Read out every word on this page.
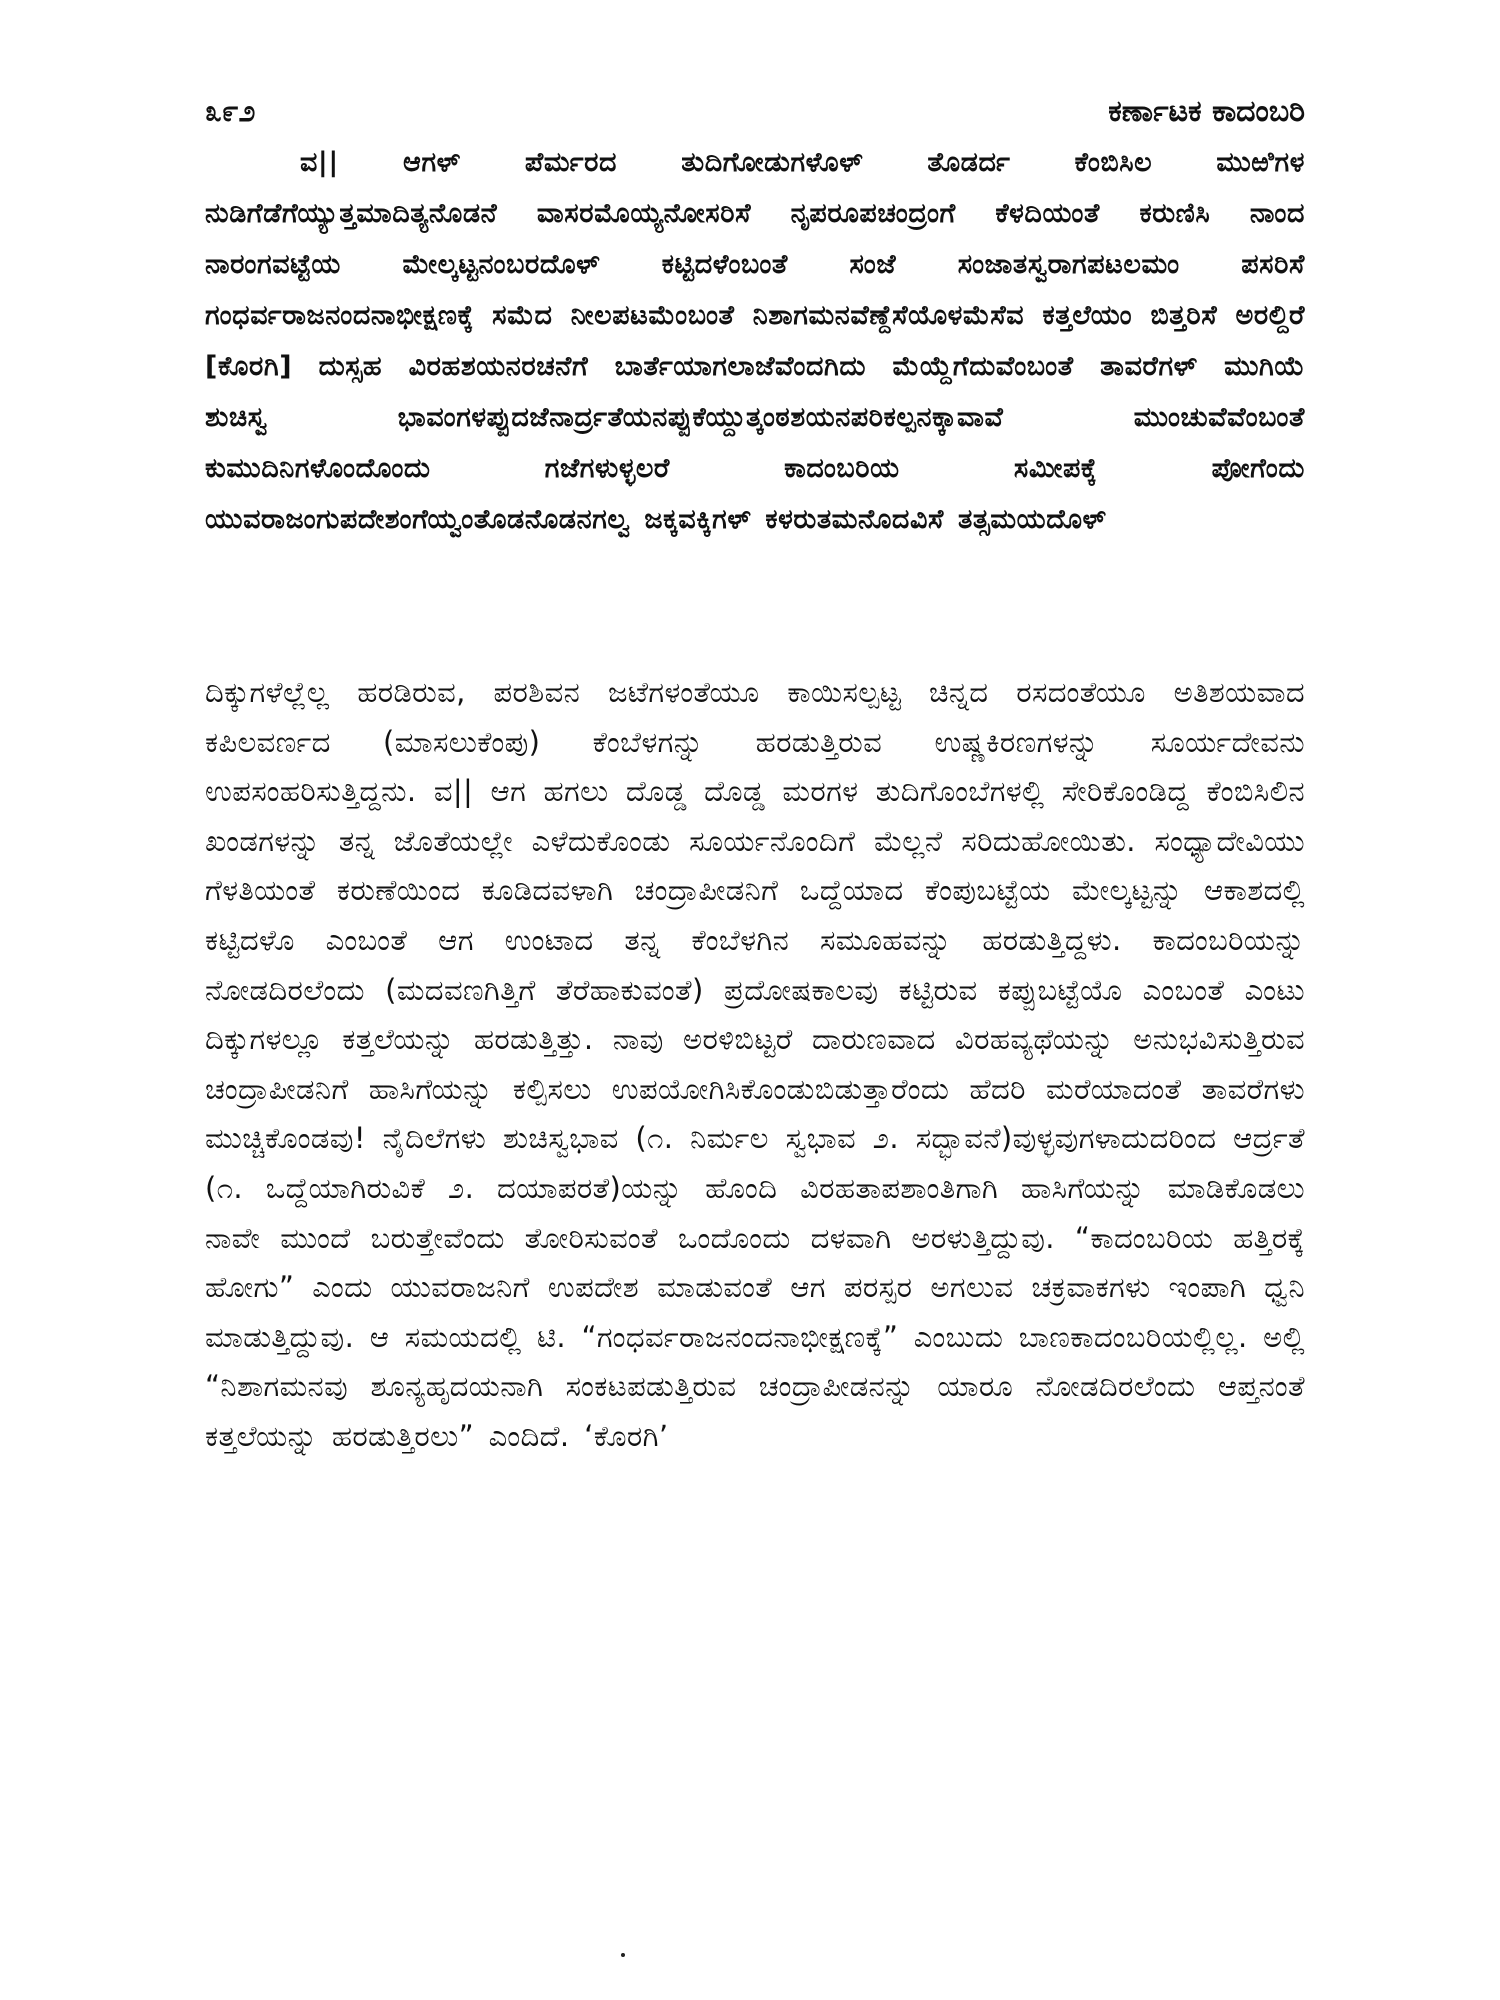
೩೯೨	ಕರ್ಣಾಟಕ ಕಾದಂಬರಿ

ವ|| ಆಗಳ್ ಪೆರ್ಮರದ ತುದಿಗೋಡುಗಳೊಳ್ ತೊಡರ್ದ ಕೆಂಬಿಸಿಲ ಮುಱಿಗಳ ನುಡಿಗೆಡೆಗೆಯ್ಯುತ್ತಮಾದಿತ್ಯನೊಡನೆ ವಾಸರಮೊಯ್ಯನೋಸರಿಸೆ ನೃಪರೂಪಚಂದ್ರಂಗೆ ಕೆಳದಿಯಂತೆ ಕರುಣಿಸಿ ನಾಂದ ನಾರಂಗವಟ್ಟೆಯ ಮೇಲ್ಕಟ್ಟನಂಬರದೊಳ್ ಕಟ್ಟಿದಳೆಂಬಂತೆ ಸಂಜೆ ಸಂಜಾತಸ್ವರಾಗಪಟಲಮಂ ಪಸರಿಸೆ ಗಂಧರ್ವರಾಜನಂದನಾಭೀಕ್ಷಣಕ್ಕೆ ಸಮೆದ ನೀಲಪಟಮೆಂಬಂತೆ ನಿಶಾಗಮನವೆಣ್ದೆಸೆಯೊಳಮೆಸೆವ ಕತ್ತಲೆಯಂ ಬಿತ್ತರಿಸೆ ಅರಲ್ದಿರೆ [ಕೊರಗಿ] ದುಸ್ಸಹ ವಿರಹಶಯನರಚನೆಗೆ ಬಾರ್ತೆಯಾಗಲಾಜೆವೆಂದಗಿದು ಮೆಯ್ದೆಗೆದುವೆಂಬಂತೆ ತಾವರೆಗಳ್ ಮುಗಿಯೆ ಶುಚಿಸ್ವ ಭಾವಂಗಳಪ್ಪುದಜೆನಾರ್ದ್ರತೆಯನಪ್ಪುಕೆಯ್ದುತ್ಕಂಠಶಯನಪರಿಕಲ್ಪನಕ್ಕಾವಾವೆ ಮುಂಚುವೆವೆಂಬಂತೆ ಕುಮುದಿನಿಗಳೊಂದೊಂದು ಗಜೆಗಳುಳ್ಳಲರೆ ಕಾದಂಬರಿಯ ಸಮೀಪಕ್ಕೆ ಪೋಗೆಂದು ಯುವರಾಜಂಗುಪದೇಶಂಗೆಯ್ವಂತೊಡನೊಡನಗಲ್ವ ಜಕ್ಕವಕ್ಕಿಗಳ್ ಕಳರುತಮನೊದವಿಸೆ ತತ್ಸಮಯದೊಳ್

ದಿಕ್ಕುಗಳೆಲ್ಲೆಲ್ಲ ಹರಡಿರುವ, ಪರಶಿವನ ಜಟೆಗಳಂತೆಯೂ ಕಾಯಿಸಲ್ಪಟ್ಟ ಚಿನ್ನದ ರಸದಂತೆಯೂ ಅತಿಶಯವಾದ ಕಪಿಲವರ್ಣದ (ಮಾಸಲುಕೆಂಪು) ಕೆಂಬೆಳಗನ್ನು ಹರಡುತ್ತಿರುವ ಉಷ್ಣಕಿರಣಗಳನ್ನು ಸೂರ್ಯದೇವನು ಉಪಸಂಹರಿಸುತ್ತಿದ್ದನು. ವ|| ಆಗ ಹಗಲು ದೊಡ್ಡ ದೊಡ್ಡ ಮರಗಳ ತುದಿಗೊಂಬೆಗಳಲ್ಲಿ ಸೇರಿಕೊಂಡಿದ್ದ ಕೆಂಬಿಸಿಲಿನ ಖಂಡಗಳನ್ನು ತನ್ನ ಜೊತೆಯಲ್ಲೇ ಎಳೆದುಕೊಂಡು ಸೂರ್ಯನೊಂದಿಗೆ ಮೆಲ್ಲನೆ ಸರಿದುಹೋಯಿತು. ಸಂಧ್ಯಾದೇವಿಯು ಗೆಳತಿಯಂತೆ ಕರುಣೆಯಿಂದ ಕೂಡಿದವಳಾಗಿ ಚಂದ್ರಾಪೀಡನಿಗೆ ಒದ್ದೆಯಾದ ಕೆಂಪುಬಟ್ಟೆಯ ಮೇಲ್ಕಟ್ಟನ್ನು ಆಕಾಶದಲ್ಲಿ ಕಟ್ಟಿದಳೊ ಎಂಬಂತೆ ಆಗ ಉಂಟಾದ ತನ್ನ ಕೆಂಬೆಳಗಿನ ಸಮೂಹವನ್ನು ಹರಡುತ್ತಿದ್ದಳು. ಕಾದಂಬರಿಯನ್ನು ನೋಡದಿರಲೆಂದು (ಮದವಣಗಿತ್ತಿಗೆ ತೆರೆಹಾಕುವಂತೆ) ಪ್ರದೋಷಕಾಲವು ಕಟ್ಟಿರುವ ಕಪ್ಪುಬಟ್ಟೆಯೊ ಎಂಬಂತೆ ಎಂಟು ದಿಕ್ಕುಗಳಲ್ಲೂ ಕತ್ತಲೆಯನ್ನು ಹರಡುತ್ತಿತ್ತು. ನಾವು ಅರಳಿಬಿಟ್ಟರೆ ದಾರುಣವಾದ ವಿರಹವ್ಯಥೆಯನ್ನು ಅನುಭವಿಸುತ್ತಿರುವ ಚಂದ್ರಾಪೀಡನಿಗೆ ಹಾಸಿಗೆಯನ್ನು ಕಲ್ಪಿಸಲು ಉಪಯೋಗಿಸಿಕೊಂಡುಬಿಡುತ್ತಾರೆಂದು ಹೆದರಿ ಮರೆಯಾದಂತೆ ತಾವರೆಗಳು ಮುಚ್ಚಿಕೊಂಡವು! ನೈದಿಲೆಗಳು ಶುಚಿಸ್ವಭಾವ (೧. ನಿರ್ಮಲ ಸ್ವಭಾವ ೨. ಸದ್ಭಾವನೆ)ವುಳ್ಳವುಗಳಾದುದರಿಂದ ಆರ್ದ್ರತೆ (೧. ಒದ್ದೆಯಾಗಿರುವಿಕೆ ೨. ದಯಾಪರತೆ)ಯನ್ನು ಹೊಂದಿ ವಿರಹತಾಪಶಾಂತಿಗಾಗಿ ಹಾಸಿಗೆಯನ್ನು ಮಾಡಿಕೊಡಲು ನಾವೇ ಮುಂದೆ ಬರುತ್ತೇವೆಂದು ತೋರಿಸುವಂತೆ ಒಂದೊಂದು ದಳವಾಗಿ ಅರಳುತ್ತಿದ್ದುವು. “ಕಾದಂಬರಿಯ ಹತ್ತಿರಕ್ಕೆ ಹೋಗು” ಎಂದು ಯುವರಾಜನಿಗೆ ಉಪದೇಶ ಮಾಡುವಂತೆ ಆಗ ಪರಸ್ಪರ ಅಗಲುವ ಚಕ್ರವಾಕಗಳು ಇಂಪಾಗಿ ಧ್ವನಿ ಮಾಡುತ್ತಿದ್ದುವು. ಆ ಸಮಯದಲ್ಲಿ ಟಿ. “ಗಂಧರ್ವರಾಜನಂದನಾಭೀಕ್ಷಣಕ್ಕೆ” ಎಂಬುದು ಬಾಣಕಾದಂಬರಿಯಲ್ಲಿಲ್ಲ. ಅಲ್ಲಿ “ನಿಶಾಗಮನವು ಶೂನ್ಯಹೃದಯನಾಗಿ ಸಂಕಟಪಡುತ್ತಿರುವ ಚಂದ್ರಾಪೀಡನನ್ನು ಯಾರೂ ನೋಡದಿರಲೆಂದು ಆಪ್ತನಂತೆ ಕತ್ತಲೆಯನ್ನು ಹರಡುತ್ತಿರಲು” ಎಂದಿದೆ. ‘ಕೊರಗಿ’
